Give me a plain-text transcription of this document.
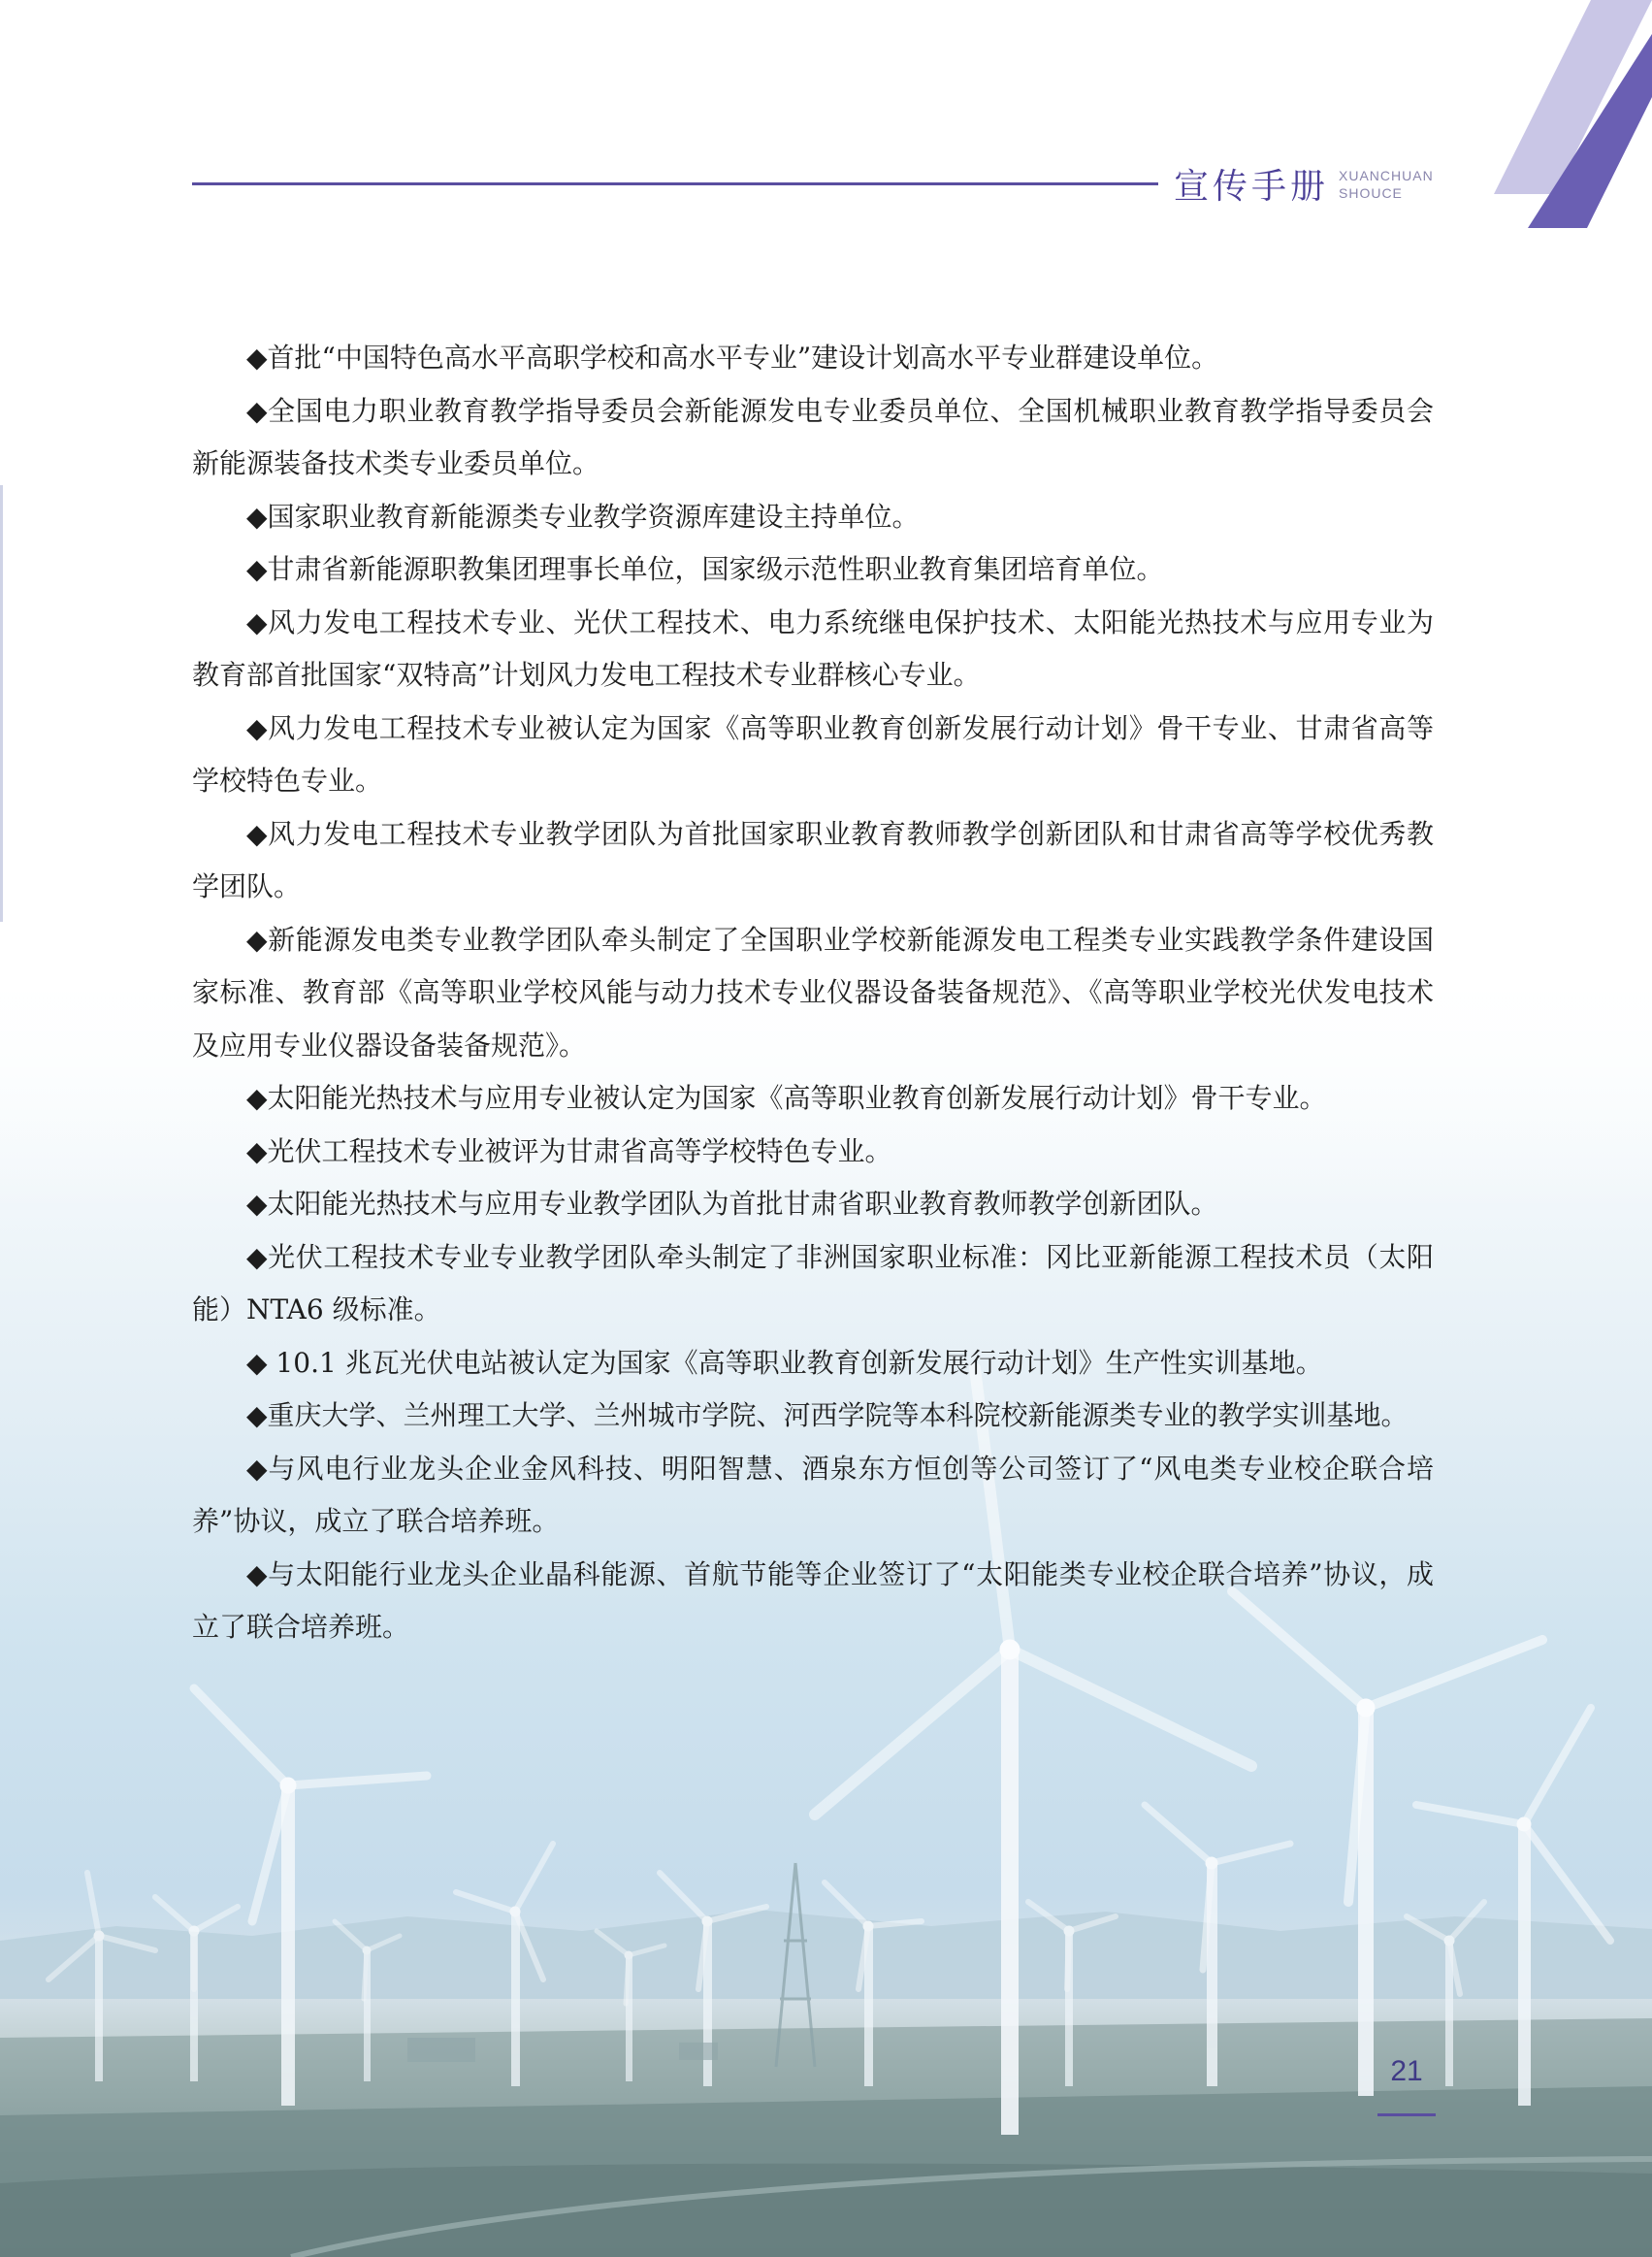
宣传手册 XUANCHUAN
SHOUCE

◆首批“中国特色高水平高职学校和高水平专业”建设计划高水平专业群建设单位。

◆全国电力职业教育教学指导委员会新能源发电专业委员单位、全国机械职业教育教学指导委员会新能源装备技术类专业委员单位。

◆国家职业教育新能源类专业教学资源库建设主持单位。

◆甘肃省新能源职教集团理事长单位，国家级示范性职业教育集团培育单位。

◆风力发电工程技术专业、光伏工程技术、电力系统继电保护技术、太阳能光热技术与应用专业为教育部首批国家“双特高”计划风力发电工程技术专业群核心专业。

◆风力发电工程技术专业被认定为国家《高等职业教育创新发展行动计划》骨干专业、甘肃省高等学校特色专业。

◆风力发电工程技术专业教学团队为首批国家职业教育教师教学创新团队和甘肃省高等学校优秀教学团队。

◆新能源发电类专业教学团队牵头制定了全国职业学校新能源发电工程类专业实践教学条件建设国家标准、教育部《高等职业学校风能与动力技术专业仪器设备装备规范》、《高等职业学校光伏发电技术及应用专业仪器设备装备规范》。

◆太阳能光热技术与应用专业被认定为国家《高等职业教育创新发展行动计划》骨干专业。

◆光伏工程技术专业被评为甘肃省高等学校特色专业。

◆太阳能光热技术与应用专业教学团队为首批甘肃省职业教育教师教学创新团队。

◆光伏工程技术专业专业教学团队牵头制定了非洲国家职业标准：冈比亚新能源工程技术员（太阳能）NTA6 级标准。

◆ 10.1 兆瓦光伏电站被认定为国家《高等职业教育创新发展行动计划》生产性实训基地。

◆重庆大学、兰州理工大学、兰州城市学院、河西学院等本科院校新能源类专业的教学实训基地。

◆与风电行业龙头企业金风科技、明阳智慧、酒泉东方恒创等公司签订了“风电类专业校企联合培养”协议，成立了联合培养班。

◆与太阳能行业龙头企业晶科能源、首航节能等企业签订了“太阳能类专业校企联合培养”协议，成立了联合培养班。

21
